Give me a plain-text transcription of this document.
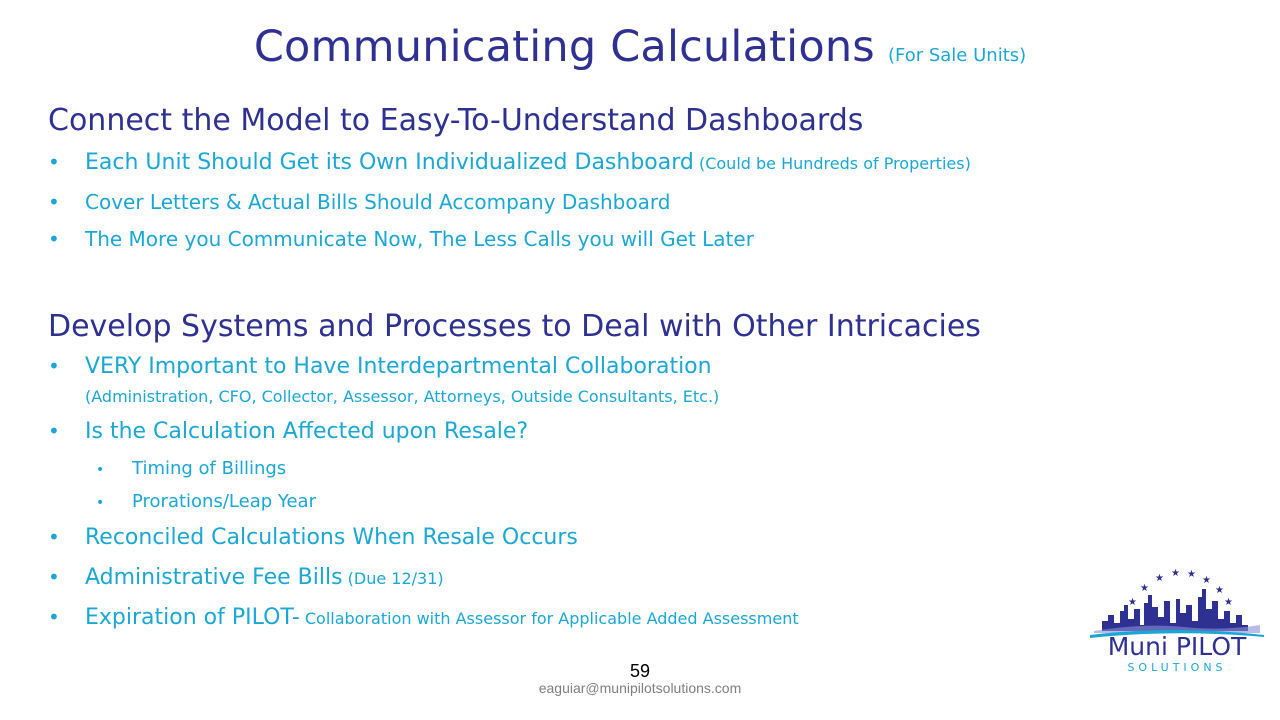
Communicating Calculations (For Sale Units)
Connect the Model to Easy-To-Understand Dashboards
• Each Unit Should Get its Own Individualized Dashboard (Could be Hundreds of Properties)
• Cover Letters & Actual Bills Should Accompany Dashboard
• The More you Communicate Now, The Less Calls you will Get Later
Develop Systems and Processes to Deal with Other Intricacies
• VERY Important to Have Interdepartmental Collaboration
(Administration, CFO, Collector, Assessor, Attorneys, Outside Consultants, Etc.)
• Is the Calculation Affected upon Resale?
• Timing of Billings
• Prorations/Leap Year
• Reconciled Calculations When Resale Occurs
• Administrative Fee Bills (Due 12/31)
• Expiration of PILOT- Collaboration with Assessor for Applicable Added Assessment
59
eaguiar@munipilotsolutions.com
★
★
★ ★ ★
★
★
★
Muni PILOT
SOLUTIONS
